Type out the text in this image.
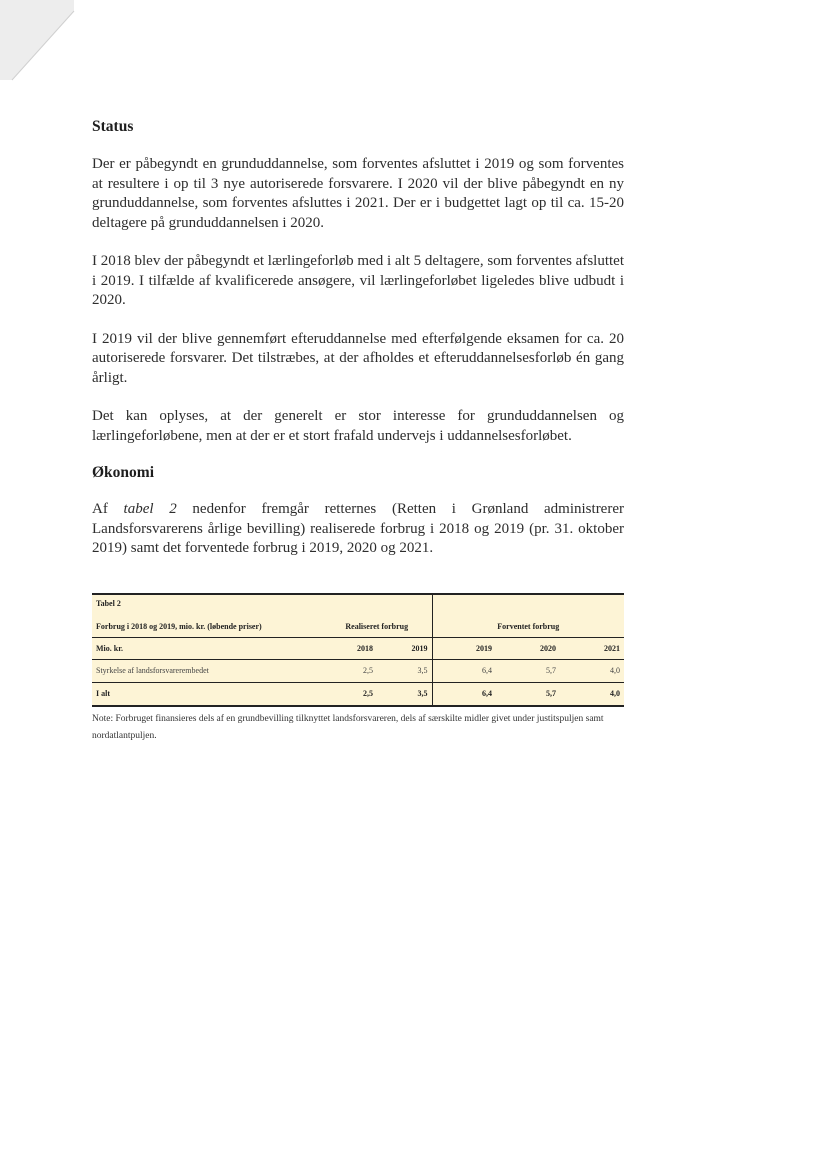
Status

Der er påbegyndt en grunduddannelse, som forventes afsluttet i 2019 og som forventes at resultere i op til 3 nye autoriserede forsvarere. I 2020 vil der blive påbegyndt en ny grunduddannelse, som forventes afsluttes i 2021. Der er i budgettet lagt op til ca. 15-20 deltagere på grunduddannelsen i 2020.

I 2018 blev der påbegyndt et lærlingeforløb med i alt 5 deltagere, som forventes afsluttet i 2019. I tilfælde af kvalificerede ansøgere, vil lærlingeforløbet ligeledes blive udbudt i 2020.

I 2019 vil der blive gennemført efteruddannelse med efterfølgende eksamen for ca. 20 autoriserede forsvarer. Det tilstræbes, at der afholdes et efteruddannelsesforløb én gang årligt.

Det kan oplyses, at der generelt er stor interesse for grunduddannelsen og lærlingeforløbene, men at der er et stort frafald undervejs i uddannelsesforløbet.

Økonomi

Af tabel 2 nedenfor fremgår retternes (Retten i Grønland administrerer Landsforsvarerens årlige bevilling) realiserede forbrug i 2018 og 2019 (pr. 31. oktober 2019) samt det forventede forbrug i 2019, 2020 og 2021.

Tabel 2					
Forbrug i 2018 og 2019, mio. kr. (løbende priser)	Realiseret forbrug		Forventet forbrug		
Mio. kr.	2018	2019	2019	2020	2021
Styrkelse af landsforsvarerembedet	2,5	3,5	6,4	5,7	4,0
I alt	2,5	3,5	6,4	5,7	4,0
Note: Forbruget finansieres dels af en grundbevilling tilknyttet landsforsvareren, dels af særskilte midler givet under justitspuljen samt nordatlantpuljen.
